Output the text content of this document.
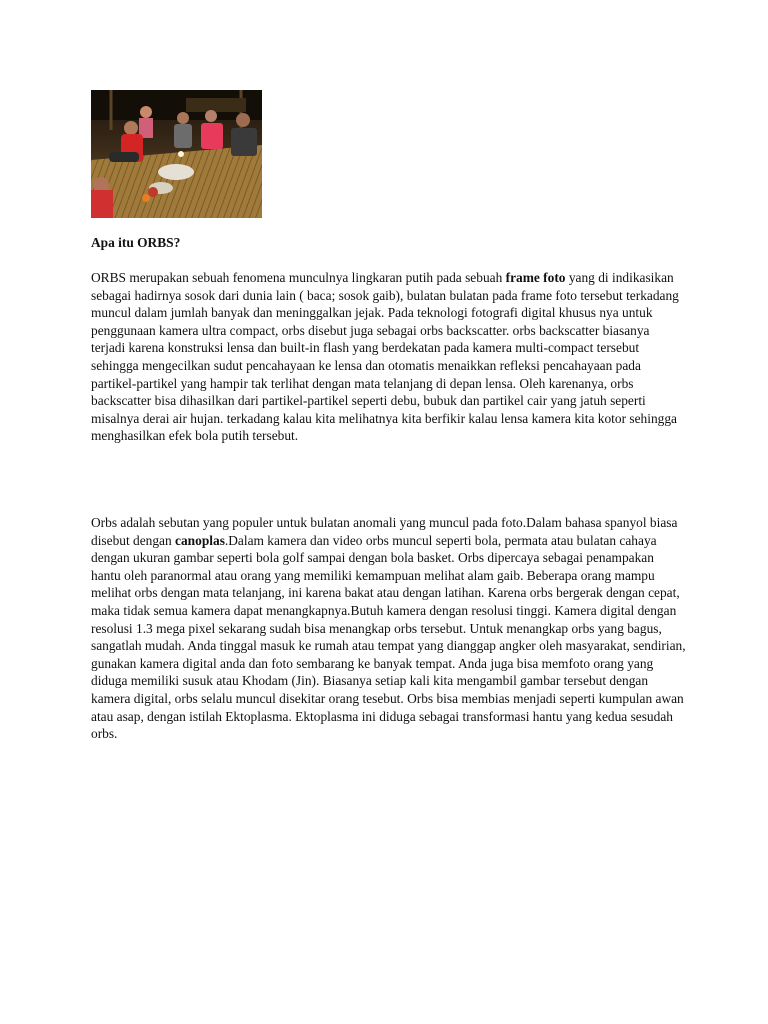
Apa itu ORBS?

ORBS merupakan sebuah fenomena munculnya lingkaran putih pada sebuah frame foto yang di indikasikan sebagai hadirnya sosok dari dunia lain ( baca; sosok gaib), bulatan bulatan pada frame foto tersebut terkadang muncul dalam jumlah banyak dan meninggalkan jejak. Pada teknologi fotografi digital khusus nya untuk penggunaan kamera ultra compact, orbs disebut juga sebagai orbs backscatter. orbs backscatter biasanya terjadi karena konstruksi lensa dan built-in flash yang berdekatan pada kamera multi-compact tersebut sehingga mengecilkan sudut pencahayaan ke lensa dan otomatis menaikkan refleksi pencahayaan pada partikel-partikel yang hampir tak terlihat dengan mata telanjang di depan lensa. Oleh karenanya, orbs backscatter bisa dihasilkan dari partikel-partikel seperti debu, bubuk dan partikel cair yang jatuh seperti misalnya derai air hujan. terkadang kalau kita melihatnya kita berfikir kalau lensa kamera kita kotor sehingga menghasilkan efek bola putih tersebut.

Orbs adalah sebutan yang populer untuk bulatan anomali yang muncul pada foto.Dalam bahasa spanyol biasa disebut dengan canoplas.Dalam kamera dan video orbs muncul seperti bola, permata atau bulatan cahaya dengan ukuran gambar seperti bola golf sampai dengan bola basket. Orbs dipercaya sebagai penampakan hantu oleh paranormal atau orang yang memiliki kemampuan melihat alam gaib. Beberapa orang mampu melihat orbs dengan mata telanjang, ini karena bakat atau dengan latihan. Karena orbs bergerak dengan cepat, maka tidak semua kamera dapat menangkapnya.Butuh kamera dengan resolusi tinggi. Kamera digital dengan resolusi 1.3 mega pixel sekarang sudah bisa menangkap orbs tersebut. Untuk menangkap orbs yang bagus, sangatlah mudah. Anda tinggal masuk ke rumah atau tempat yang dianggap angker oleh masyarakat, sendirian, gunakan kamera digital anda dan foto sembarang ke banyak tempat. Anda juga bisa memfoto orang yang diduga memiliki susuk atau Khodam (Jin). Biasanya setiap kali kita mengambil gambar tersebut dengan kamera digital, orbs selalu muncul disekitar orang tesebut. Orbs bisa membias menjadi seperti kumpulan awan atau asap, dengan istilah Ektoplasma. Ektoplasma ini diduga sebagai transformasi hantu yang kedua sesudah orbs.
